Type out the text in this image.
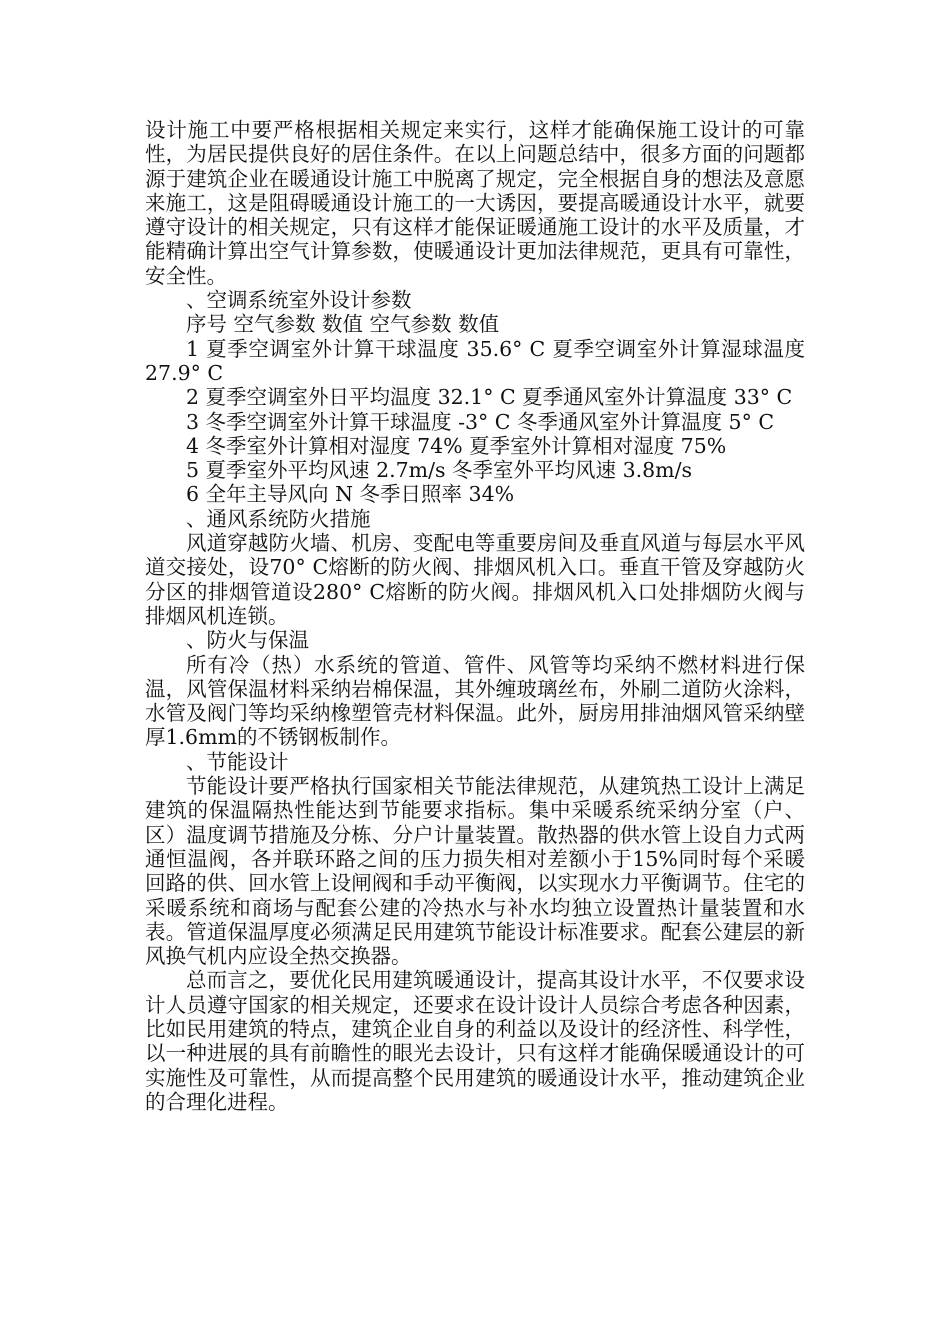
设计施工中要严格根据相关规定来实行，这样才能确保施工设计的可靠性，为居民提供良好的居住条件。在以上问题总结中，很多方面的问题都源于建筑企业在暖通设计施工中脱离了规定，完全根据自身的想法及意愿来施工，这是阻碍暖通设计施工的一大诱因，要提高暖通设计水平，就要遵守设计的相关规定，只有这样才能保证暖通施工设计的水平及质量，才能精确计算出空气计算参数，使暖通设计更加法律规范，更具有可靠性，安全性。

、空调系统室外设计参数

序号 空气参数 数值 空气参数 数值

1 夏季空调室外计算干球温度 35.6° C 夏季空调室外计算湿球温度 27.9° C

2 夏季空调室外日平均温度 32.1° C 夏季通风室外计算温度 33° C

3 冬季空调室外计算干球温度 -3° C 冬季通风室外计算温度 5° C

4 冬季室外计算相对湿度 74% 夏季室外计算相对湿度 75%

5 夏季室外平均风速 2.7m/s 冬季室外平均风速 3.8m/s

6 全年主导风向 N 冬季日照率 34%

、通风系统防火措施

风道穿越防火墙、机房、变配电等重要房间及垂直风道与每层水平风道交接处，设70° C熔断的防火阀、排烟风机入口。垂直干管及穿越防火分区的排烟管道设280° C熔断的防火阀。排烟风机入口处排烟防火阀与排烟风机连锁。

、防火与保温

所有冷（热）水系统的管道、管件、风管等均采纳不燃材料进行保温，风管保温材料采纳岩棉保温，其外缠玻璃丝布，外刷二道防火涂料，水管及阀门等均采纳橡塑管壳材料保温。此外，厨房用排油烟风管采纳壁厚1.6mm的不锈钢板制作。

、节能设计

节能设计要严格执行国家相关节能法律规范，从建筑热工设计上满足建筑的保温隔热性能达到节能要求指标。集中采暖系统采纳分室（户、区）温度调节措施及分栋、分户计量装置。散热器的供水管上设自力式两通恒温阀，各并联环路之间的压力损失相对差额小于15%同时每个采暖回路的供、回水管上设闸阀和手动平衡阀，以实现水力平衡调节。住宅的采暖系统和商场与配套公建的冷热水与补水均独立设置热计量装置和水表。管道保温厚度必须满足民用建筑节能设计标准要求。配套公建层的新风换气机内应设全热交换器。

总而言之，要优化民用建筑暖通设计，提高其设计水平，不仅要求设计人员遵守国家的相关规定，还要求在设计设计人员综合考虑各种因素，比如民用建筑的特点，建筑企业自身的利益以及设计的经济性、科学性，以一种进展的具有前瞻性的眼光去设计，只有这样才能确保暖通设计的可实施性及可靠性，从而提高整个民用建筑的暖通设计水平，推动建筑企业的合理化进程。
